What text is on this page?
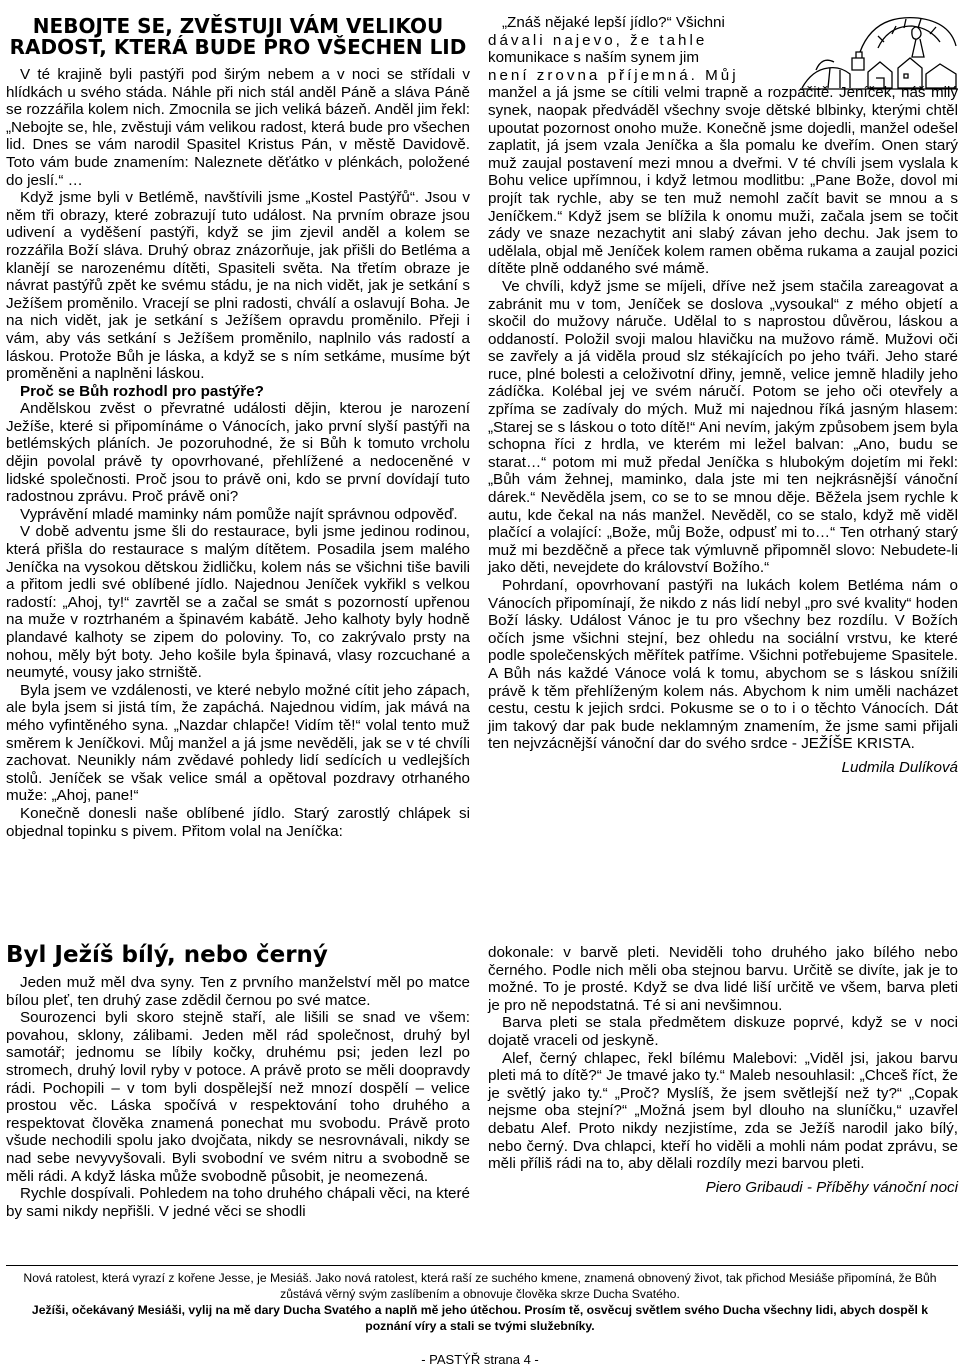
NEBOJTE SE, ZVĚSTUJI VÁM VELIKOU RADOST, KTERÁ BUDE PRO VŠECHEN LID

V té krajině byli pastýři pod širým nebem a v noci se střídali v hlídkách u svého stáda. Náhle při nich stál anděl Páně a sláva Páně se rozzářila kolem nich. Zmocnila se jich veliká bázeň. Anděl jim řekl: „Nebojte se, hle, zvěstuji vám velikou radost, která bude pro všechen lid. Dnes se vám narodil Spasitel Kristus Pán, v městě Davidově. Toto vám bude znamením: Naleznete děťátko v plénkách, položené do jeslí.“ …

Když jsme byli v Betlémě, navštívili jsme „Kostel Pastýřů“. Jsou v něm tři obrazy, které zobrazují tuto událost. Na prvním obraze jsou udivení a vyděšení pastýři, když se jim zjevil anděl a kolem se rozzářila Boží sláva. Druhý obraz znázorňuje, jak přišli do Betléma a klanějí se narozenému dítěti, Spasiteli světa. Na třetím obraze je návrat pastýřů zpět ke svému stádu, je na nich vidět, jak je setkání s Ježíšem proměnilo. Vracejí se plni radosti, chválí a oslavují Boha. Je na nich vidět, jak je setkání s Ježíšem opravdu proměnilo. Přeji i vám, aby vás setkání s Ježíšem proměnilo, naplnilo vás radostí a láskou. Protože Bůh je láska, a když se s ním setkáme, musíme být proměněni a naplněni láskou.

Proč se Bůh rozhodl pro pastýře?

Andělskou zvěst o převratné události dějin, kterou je narození Ježíše, které si připomínáme o Vánocích, jako první slyší pastýři na betlémských pláních. Je pozoruhodné, že si Bůh k tomuto vrcholu dějin povolal právě ty opovrhované, přehlížené a nedoceněné v lidské společnosti. Proč jsou to právě oni, kdo se první dovídají tuto radostnou zprávu. Proč právě oni?

Vyprávění mladé maminky nám pomůže najít správnou odpověď.

V době adventu jsme šli do restaurace, byli jsme jedinou rodinou, která přišla do restaurace s malým dítětem. Posadila jsem malého Jeníčka na vysokou dětskou židličku, kolem nás se všichni tiše bavili a přitom jedli své oblíbené jídlo. Najednou Jeníček vykřikl s velkou radostí: „Ahoj, ty!“ zavrtěl se a začal se smát s pozorností upřenou na muže v roztrhaném a špinavém kabátě. Jeho kalhoty byly hodně plandavé kalhoty se zipem do poloviny. To, co zakrývalo prsty na nohou, měly být boty. Jeho košile byla špinavá, vlasy rozcuchané a neumyté, vousy jako strniště.

Byla jsem ve vzdálenosti, ve které nebylo možné cítit jeho zápach, ale byla jsem si jistá tím, že zapáchá. Najednou vidím, jak mává na mého vyfintěného syna. „Nazdar chlapče! Vidím tě!“ volal tento muž směrem k Jeníčkovi. Můj manžel a já jsme nevěděli, jak se v té chvíli zachovat. Neunikly nám zvědavé pohledy lidí sedících u vedlejších stolů. Jeníček se však velice smál a opětoval pozdravy otrhaného muže: „Ahoj, pane!“

Konečně donesli naše oblíbené jídlo. Starý zarostlý chlápek si objednal topinku s pivem. Přitom volal na Jeníčka:

„Znáš nějaké lepší jídlo?“ Všichni

dávali najevo, že tahle

komunikace s naším synem jim

není zrovna příjemná. Můj

manžel a já jsme se cítili velmi trapně a rozpačitě. Jeníček, náš milý synek, naopak předváděl všechny svoje dětské blbinky, kterými chtěl upoutat pozornost onoho muže. Konečně jsme dojedli, manžel odešel zaplatit, já jsem vzala Jeníčka a šla pomalu ke dveřím. Onen starý muž zaujal postavení mezi mnou a dveřmi. V té chvíli jsem vyslala k Bohu velice upřímnou, i když letmou modlitbu: „Pane Bože, dovol mi projít tak rychle, aby se ten muž nemohl začít bavit se mnou a s Jeníčkem.“ Když jsem se blížila k onomu muži, začala jsem se točit zády ve snaze nezachytit ani slabý závan jeho dechu. Jak jsem to udělala, objal mě Jeníček kolem ramen oběma rukama a zaujal pozici dítěte plně oddaného své mámě.

Ve chvíli, když jsme se míjeli, dříve než jsem stačila zareagovat a zabránit mu v tom, Jeníček se doslova „vysoukal“ z mého objetí a skočil do mužovy náruče. Udělal to s naprostou důvěrou, láskou a oddaností. Položil svoji malou hlavičku na mužovo rámě. Mužovi oči se zavřely a já viděla proud slz stékajících po jeho tváři. Jeho staré ruce, plné bolesti a celoživotní dřiny, jemně, velice jemně hladily jeho zádíčka. Kolébal jej ve svém náručí. Potom se jeho oči otevřely a zpříma se zadívaly do mých. Muž mi najednou říká jasným hlasem: „Starej se s láskou o toto dítě!“ Ani nevím, jakým způsobem jsem byla schopna říci z hrdla, ve kterém mi ležel balvan: „Ano, budu se starat…“ potom mi muž předal Jeníčka s hlubokým dojetím mi řekl: „Bůh vám žehnej, maminko, dala jste mi ten nejkrásnější vánoční dárek.“ Nevěděla jsem, co se to se mnou děje. Běžela jsem rychle k autu, kde čekal na nás manžel. Nevěděl, co se stalo, když mě viděl plačící a volající: „Bože, můj Bože, odpusť mi to…“ Ten otrhaný starý muž mi bezděčně a přece tak výmluvně připomněl slovo: Nebudete-li jako děti, nevejdete do království Božího.“

Pohrdaní, opovrhovaní pastýři na lukách kolem Betléma nám o Vánocích připomínají, že nikdo z nás lidí nebyl „pro své kvality“ hoden Boží lásky. Událost Vánoc je tu pro všechny bez rozdílu. V Božích očích jsme všichni stejní, bez ohledu na sociální vrstvu, ke které podle společenských měřítek patříme. Všichni potřebujeme Spasitele. A Bůh nás každé Vánoce volá k tomu, abychom se s láskou snížili právě k těm přehlíženým kolem nás. Abychom k nim uměli nacházet cestu, cestu k jejich srdci. Pokusme se o to i o těchto Vánocích. Dát jim takový dar pak bude neklamným znamením, že jsme sami přijali ten nejvzácnější vánoční dar do svého srdce - JEŽÍŠE KRISTA.

Ludmila Dulíková

Byl Ježíš bílý, nebo černý

Jeden muž měl dva syny. Ten z prvního manželství měl po matce bílou pleť, ten druhý zase zdědil černou po své matce.

Sourozenci byli skoro stejně staří, ale lišili se snad ve všem: povahou, sklony, zálibami. Jeden měl rád společnost, druhý byl samotář; jednomu se líbily kočky, druhému psi; jeden lezl po stromech, druhý lovil ryby v potoce. A právě proto se měli doopravdy rádi. Pochopili – v tom byli dospělejší než mnozí dospělí – velice prostou věc. Láska spočívá v respektování toho druhého a respektovat člověka znamená ponechat mu svobodu. Právě proto všude nechodili spolu jako dvojčata, nikdy se nesrovnávali, nikdy se nad sebe nevyvyšovali. Byli svobodní ve svém nitru a svobodně se měli rádi. A když láska může svobodně působit, je neomezená.

Rychle dospívali. Pohledem na toho druhého chápali věci, na které by sami nikdy nepřišli. V jedné věci se shodli

dokonale: v barvě pleti. Neviděli toho druhého jako bílého nebo černého. Podle nich měli oba stejnou barvu. Určitě se divíte, jak je to možné. To je prosté. Když se dva lidé liší určitě ve všem, barva pleti je pro ně nepodstatná. Té si ani nevšimnou.

Barva pleti se stala předmětem diskuze poprvé, když se v noci dojatě vraceli od jeskyně.

Alef, černý chlapec, řekl bílému Malebovi: „Viděl jsi, jakou barvu pleti má to dítě?“ Je tmavé jako ty.“ Maleb nesouhlasil: „Chceš říct, že je světlý jako ty.“ „Proč? Myslíš, že jsem světlejší než ty?“ „Copak nejsme oba stejní?“ „Možná jsem byl dlouho na sluníčku,“ uzavřel debatu Alef. Proto nikdy nezjistíme, zda se Ježíš narodil jako bílý, nebo černý. Dva chlapci, kteří ho viděli a mohli nám podat zprávu, se měli příliš rádi na to, aby dělali rozdíly mezi barvou pleti.

Piero Gribaudi - Příběhy vánoční noci

Nová ratolest, která vyrazí z kořene Jesse, je Mesiáš. Jako nová ratolest, která raší ze suchého kmene, znamená obnovený život, tak přichod Mesiáše připomíná, že Bůh zůstává věrný svým zaslíbením a obnovuje člověka skrze Ducha Svatého.

Ježíši, očekávaný Mesiáši, vylij na mě dary Ducha Svatého a naplň mě jeho útěchou. Prosím tě, osvěcuj světlem svého Ducha všechny lidi, abych dospěl k poznání víry a stali se tvými služebníky.

- PASTÝŘ strana 4 -
